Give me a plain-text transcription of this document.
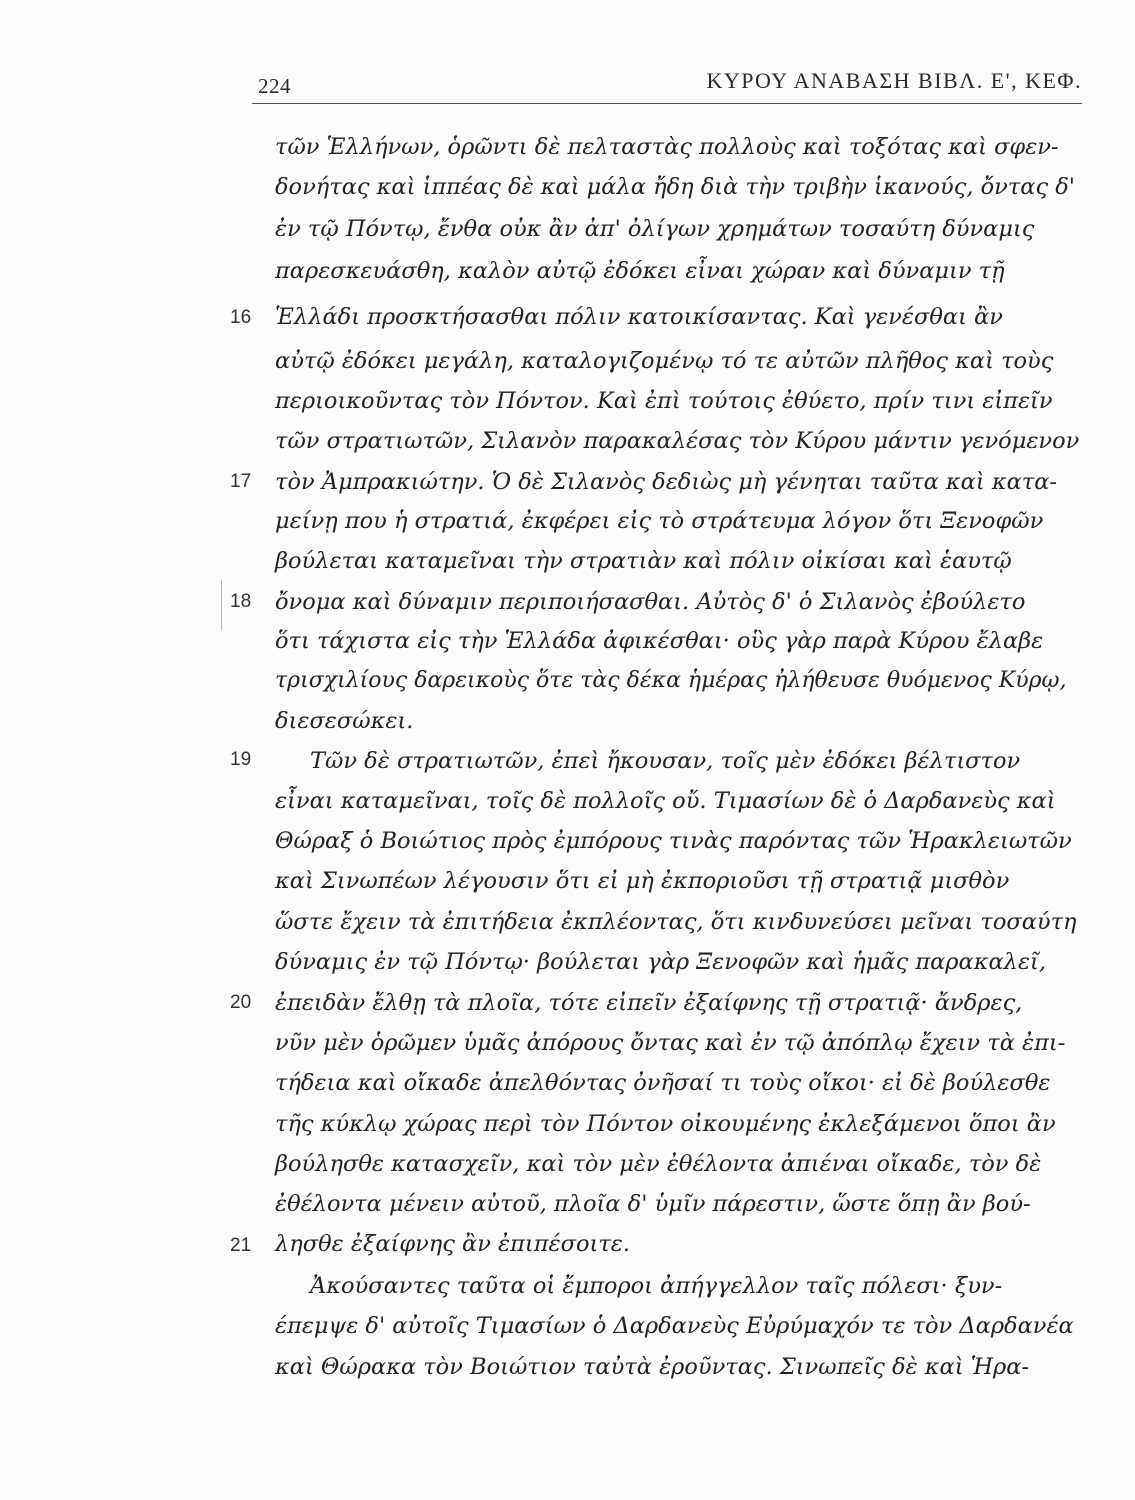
224	ΚΥΡΟΥ ΑΝΑΒΑΣΗ ΒΙΒΛ. Ε', ΚΕΦ.
16
17
18
19
20
21
τῶν Ἑλλήνων, ὁρῶντι δὲ πελταστὰς πολλοὺς καὶ τοξότας καὶ σφεν-
δονήτας καὶ ἱππέας δὲ καὶ μάλα ἤδη διὰ τὴν τριβὴν ἱκανούς, ὄντας δ'
ἐν τῷ Πόντῳ, ἔνθα οὐκ ἂν ἀπ' ὀλίγων χρημάτων τοσαύτη δύναμις
παρεσκευάσθη, καλὸν αὐτῷ ἐδόκει εἶναι χώραν καὶ δύναμιν τῇ
Ἑλλάδι προσκτήσασθαι πόλιν κατοικίσαντας. Καὶ γενέσθαι ἂν
αὐτῷ ἐδόκει μεγάλη, καταλογιζομένῳ τό τε αὐτῶν πλῆθος καὶ τοὺς
περιοικοῦντας τὸν Πόντον. Καὶ ἐπὶ τούτοις ἐθύετο, πρίν τινι εἰπεῖν
τῶν στρατιωτῶν, Σιλανὸν παρακαλέσας τὸν Κύρου μάντιν γενόμενον
τὸν Ἀμπρακιώτην. Ὁ δὲ Σιλανὸς δεδιὼς μὴ γένηται ταῦτα καὶ κατα-
μείνῃ που ἡ στρατιά, ἐκφέρει εἰς τὸ στράτευμα λόγον ὅτι Ξενοφῶν
βούλεται καταμεῖναι τὴν στρατιὰν καὶ πόλιν οἰκίσαι καὶ ἑαυτῷ
ὄνομα καὶ δύναμιν περιποιήσασθαι. Αὐτὸς δ' ὁ Σιλανὸς ἐβούλετο
ὅτι τάχιστα εἰς τὴν Ἑλλάδα ἀφικέσθαι· οὓς γὰρ παρὰ Κύρου ἔλαβε
τρισχιλίους δαρεικοὺς ὅτε τὰς δέκα ἡμέρας ἠλήθευσε θυόμενος Κύρῳ,
διεσεσώκει.
Τῶν δὲ στρατιωτῶν, ἐπεὶ ἤκουσαν, τοῖς μὲν ἐδόκει βέλτιστον
εἶναι καταμεῖναι, τοῖς δὲ πολλοῖς οὔ. Τιμασίων δὲ ὁ Δαρδανεὺς καὶ
Θώραξ ὁ Βοιώτιος πρὸς ἐμπόρους τινὰς παρόντας τῶν Ἡρακλειωτῶν
καὶ Σινωπέων λέγουσιν ὅτι εἰ μὴ ἐκποριοῦσι τῇ στρατιᾷ μισθὸν
ὥστε ἔχειν τὰ ἐπιτήδεια ἐκπλέοντας, ὅτι κινδυνεύσει μεῖναι τοσαύτη
δύναμις ἐν τῷ Πόντῳ· βούλεται γὰρ Ξενοφῶν καὶ ἡμᾶς παρακαλεῖ,
ἐπειδὰν ἔλθῃ τὰ πλοῖα, τότε εἰπεῖν ἐξαίφνης τῇ στρατιᾷ· ἄνδρες,
νῦν μὲν ὁρῶμεν ὑμᾶς ἀπόρους ὄντας καὶ ἐν τῷ ἀπόπλῳ ἔχειν τὰ ἐπι-
τήδεια καὶ οἴκαδε ἀπελθόντας ὀνῆσαί τι τοὺς οἴκοι· εἰ δὲ βούλεσθε
τῆς κύκλῳ χώρας περὶ τὸν Πόντον οἰκουμένης ἐκλεξάμενοι ὅποι ἂν
βούλησθε κατασχεῖν, καὶ τὸν μὲν ἐθέλοντα ἀπιέναι οἴκαδε, τὸν δὲ
ἐθέλοντα μένειν αὐτοῦ, πλοῖα δ' ὑμῖν πάρεστιν, ὥστε ὅπῃ ἂν βού-
λησθε ἐξαίφνης ἂν ἐπιπέσοιτε.
Ἀκούσαντες ταῦτα οἱ ἔμποροι ἀπήγγελλον ταῖς πόλεσι· ξυν-
έπεμψε δ' αὐτοῖς Τιμασίων ὁ Δαρδανεὺς Εὐρύμαχόν τε τὸν Δαρδανέα
καὶ Θώρακα τὸν Βοιώτιον ταὐτὰ ἐροῦντας. Σινωπεῖς δὲ καὶ Ἡρα-
